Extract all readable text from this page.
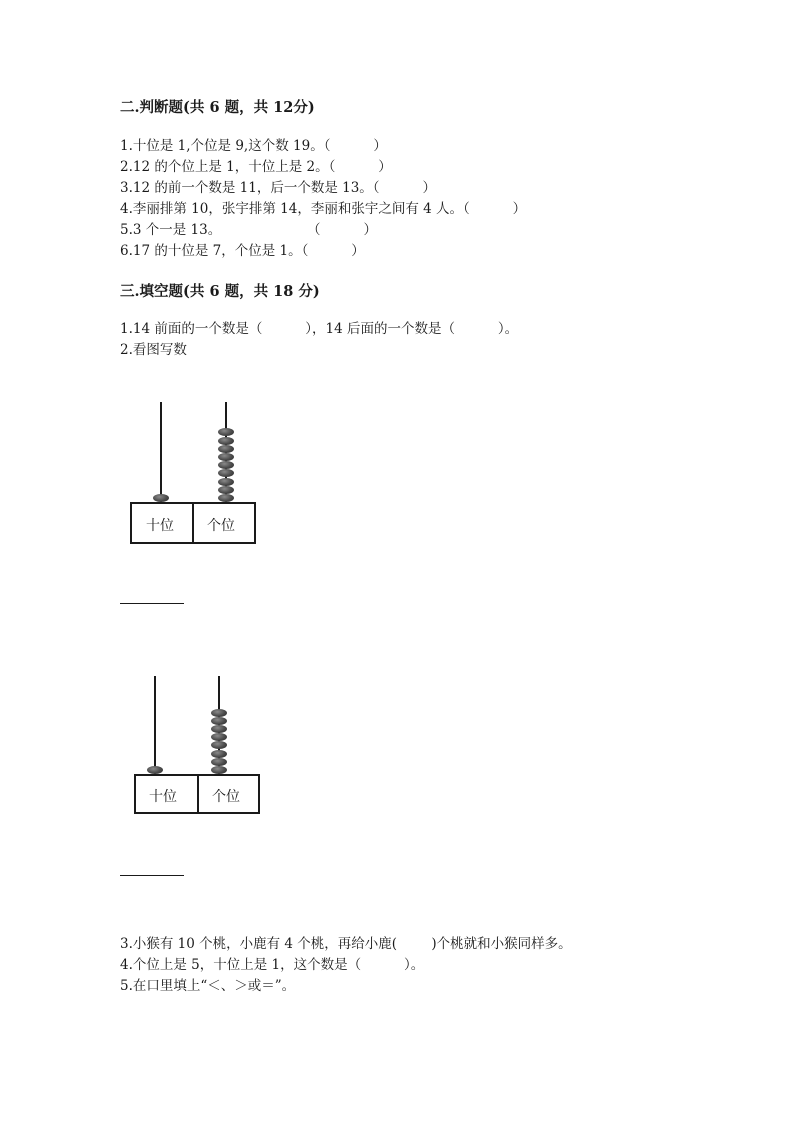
二.判断题(共 6 题，共 12分)
1.十位是 1,个位是 9,这个数 19。（          ）
2.12 的个位上是 1，十位上是 2。（          ）
3.12 的前一个数是 11，后一个数是 13。（          ）
4.李丽排第 10，张宇排第 14，李丽和张宇之间有 4 人。（          ）
5.3 个一是 13。                    （          ）
6.17 的十位是 7，个位是 1。（          ）
三.填空题(共 6 题，共 18 分)
1.14 前面的一个数是（          ），14 后面的一个数是（          ）。
2.看图写数
十位 个位
十位	个位
3.小猴有 10 个桃，小鹿有 4 个桃，再给小鹿(        )个桃就和小猴同样多。
4.个位上是 5，十位上是 1，这个数是（          ）。
5.在口里填上“＜、＞或＝”。
